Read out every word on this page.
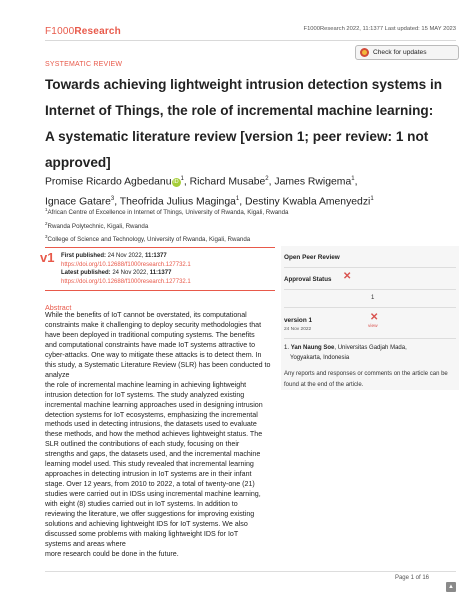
F1000Research	F1000Research 2022, 11:1377 Last updated: 15 MAY 2023
Check for updates
SYSTEMATIC REVIEW
Towards achieving lightweight intrusion detection systems in Internet of Things, the role of incremental machine learning: A systematic literature review [version 1; peer review: 1 not approved]
Promise Ricardo Agbedanu $iD^1$, Richard Musabe$^2$, James Rwigema$^1$,
Ignace Gatare$^3$, Theofrida Julius Maginga$^1$, Destiny Kwabla Amenyedzi$^1$
$^1$African Centre of Excellence in Internet of Things, University of Rwanda, Kigali, Rwanda
$^2$Rwanda Polytechnic, Kigali, Rwanda
$^3$College of Science and Technology, University of Rwanda, Kigali, Rwanda
v1 First published: 24 Nov 2022, 11:1377
https://doi.org/10.12688/f1000research.127732.1
Latest published: 24 Nov 2022, 11:1377
https://doi.org/10.12688/f1000research.127732.1
Abstract
While the benefits of IoT cannot be overstated, its computational
constraints make it challenging to deploy security methodologies that
have been deployed in traditional computing systems. The benefits
and computational constraints have made IoT systems attractive to
cyber-attacks. One way to mitigate these attacks is to detect them. In
this study, a Systematic Literature Review (SLR) has been conducted to
analyze
the role of incremental machine learning in achieving lightweight
intrusion detection for IoT systems. The study analyzed existing
incremental machine learning approaches used in designing intrusion
detection systems for IoT ecosystems, emphasizing the incremental
methods used in detecting intrusions, the datasets used to evaluate
these methods, and how the method achieves lightweight status. The
SLR outlined the contributions of each study, focusing on their
strengths and gaps, the datasets used, and the incremental machine
learning model used. This study revealed that incremental learning
approaches in detecting intrusion in IoT systems are in their infant
stage. Over 12 years, from 2010 to 2022, a total of twenty-one (21)
studies were carried out in IDSs using incremental machine learning,
with eight (8) studies carried out in IoT systems. In addition to
reviewing the literature, we offer suggestions for improving existing
solutions and achieving lightweight IDS for IoT systems. We also
discussed some problems with making lightweight IDS for IoT
systems and areas where
more research could be done in the future.
Open Peer Review
Approval Status ✕
1
version 1
24 Nov 2022
✕
view
1. Yan Naung Soe, Universitas Gadjah Mada,
Yogyakarta, Indonesia
Any reports and responses or comments on the article can be found at the end of the article.
Page 1 of 16
▲
